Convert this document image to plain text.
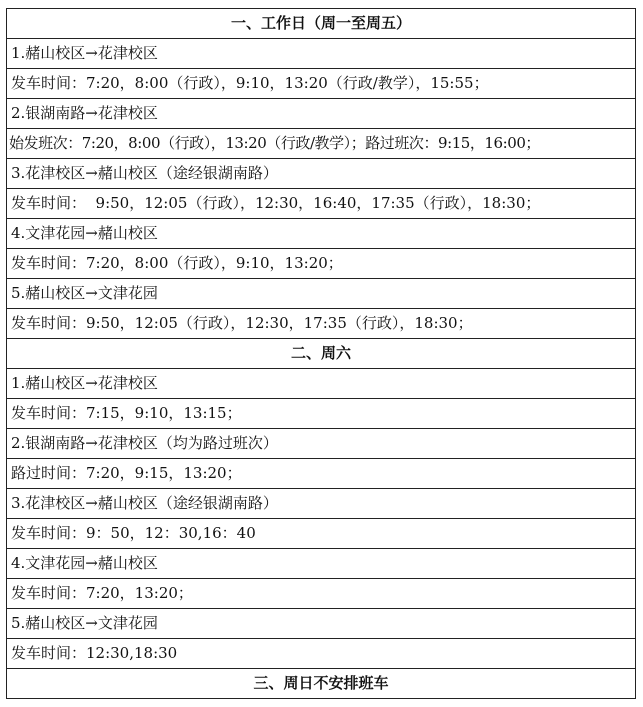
一、工作日（周一至周五）
1.赭山校区→花津校区
发车时间：7:20，8:00（行政），9:10，13:20（行政/教学），15:55；
2.银湖南路→花津校区
始发班次：7:20，8:00（行政），13:20（行政/教学）；路过班次：9:15，16:00；
3.花津校区→赭山校区（途经银湖南路）
发车时间：  9:50，12:05（行政），12:30，16:40，17:35（行政），18:30；
4.文津花园→赭山校区
发车时间：7:20，8:00（行政），9:10，13:20；
5.赭山校区→文津花园
发车时间：9:50，12:05（行政），12:30，17:35（行政），18:30；
二、周六
1.赭山校区→花津校区
发车时间：7:15，9:10，13:15；
2.银湖南路→花津校区（均为路过班次）
路过时间：7:20，9:15，13:20；
3.花津校区→赭山校区（途经银湖南路）
发车时间：9：50，12：30,16：40
4.文津花园→赭山校区
发车时间：7:20，13:20；
5.赭山校区→文津花园
发车时间：12:30,18:30
三、周日不安排班车
